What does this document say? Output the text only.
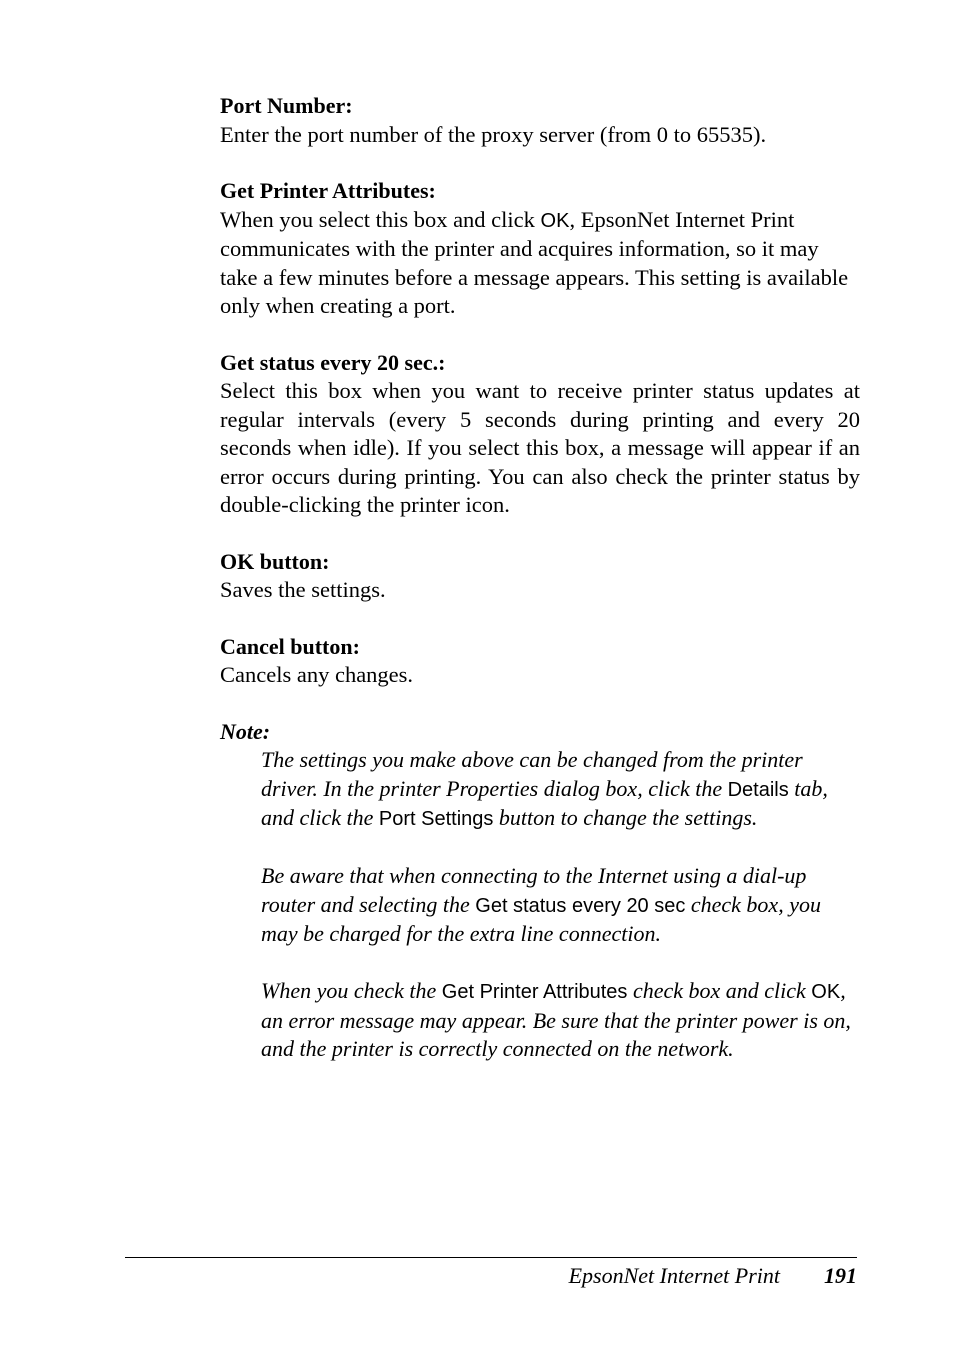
Port Number:

Enter the port number of the proxy server (from 0 to 65535).

Get Printer Attributes:

When you select this box and click OK, EpsonNet Internet Print communicates with the printer and acquires information, so it may take a few minutes before a message appears. This setting is available only when creating a port.

Get status every 20 sec.:

Select this box when you want to receive printer status updates at regular intervals (every 5 seconds during printing and every 20 seconds when idle). If you select this box, a message will appear if an error occurs during printing. You can also check the printer status by double-clicking the printer icon.

OK button:

Saves the settings.

Cancel button:

Cancels any changes.

Note:

The settings you make above can be changed from the printer driver. In the printer Properties dialog box, click the Details tab, and click the Port Settings button to change the settings.

Be aware that when connecting to the Internet using a dial-up router and selecting the Get status every 20 sec check box, you may be charged for the extra line connection.

When you check the Get Printer Attributes check box and click OK, an error message may appear. Be sure that the printer power is on, and the printer is correctly connected on the network.

EpsonNet Internet Print 191
